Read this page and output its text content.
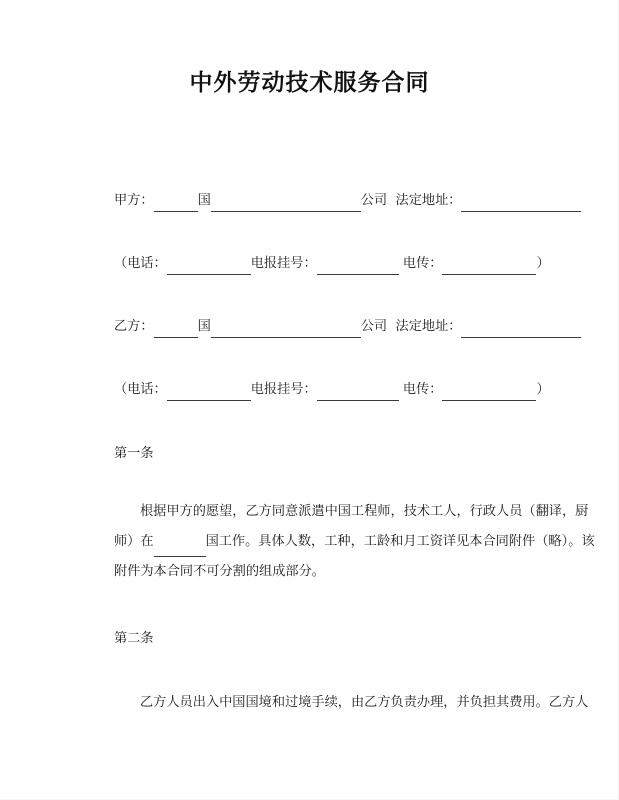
中外劳动技术服务合同
甲方：	国	公司 法定地址：
（电话：	电报挂号：	电传：	）
乙方：	国	公司 法定地址：
（电话：	电报挂号：	电传：	）
第一条
根据甲方的愿望，乙方同意派遣中国工程师，技术工人，行政人员（翻译，厨
师）在	国工作。具体人数，工种，工龄和月工资详见本合同附件（略）。该
附件为本合同不可分割的组成部分。
第二条
乙方人员出入中国国境和过境手续，由乙方负责办理，并负担其费用。乙方人
